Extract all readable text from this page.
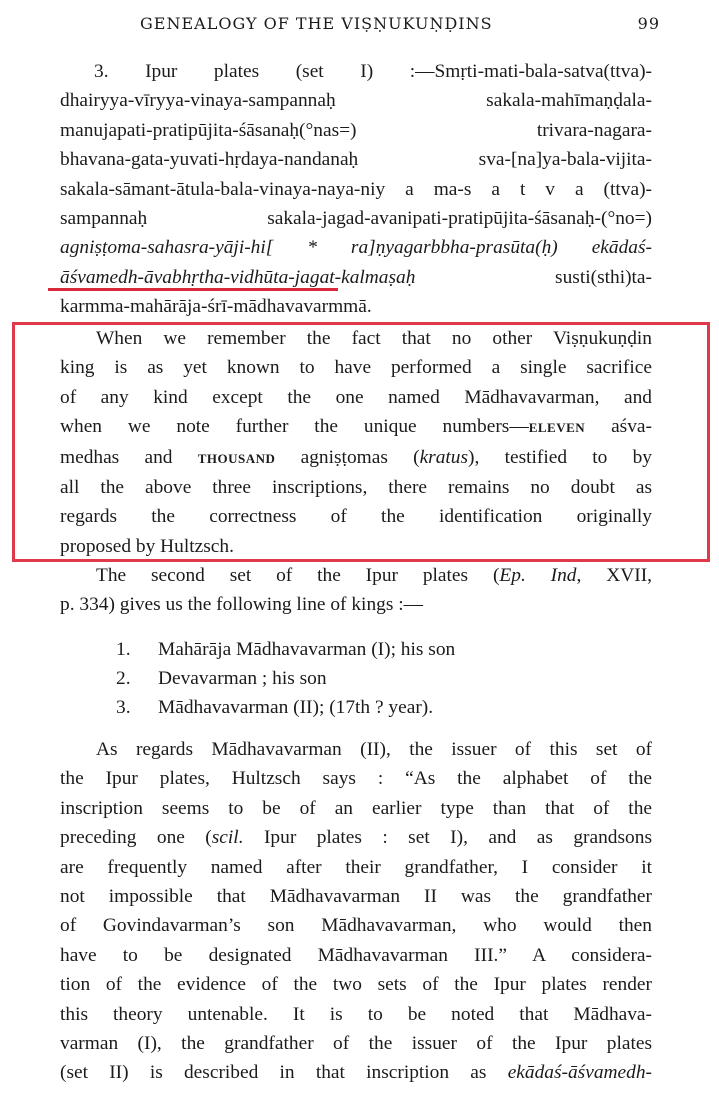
GENEALOGY OF THE VIṢṆUKUṆḌINS	99
3. Ipur plates (set I) :—Smṛti-mati-bala-satva(ttva)-
dhairyya-vīryya-vinaya-sampannaḥ sakala-mahīmaṇḍala-
manujapati-pratipūjita-śāsanaḥ(°nas=) trivara-nagara-
bhavana-gata-yuvati-hṛdaya-nandanaḥ sva-[na]ya-bala-vijita-
sakala-sāmant-ātula-bala-vinaya-naya-niy a ma-s a t v a (ttva)-
sampannaḥ sakala-jagad-avanipati-pratipūjita-śāsanaḥ-(°no=)
agniṣṭoma-sahasra-yāji-hi[ * ra]ṇyagarbbha-prasūta(ḥ) ekādaś-
āśvamedh-āvabhṛtha-vidhūta-jagat-kalmaṣaḥ	susti(sthi)ta-
karmma-mahārāja-śrī-mādhavavarmmā.
When we remember the fact that no other Viṣṇukuṇḍin
king is as yet known to have performed a single sacrifice
of any kind except the one named Mādhavavarman, and
when we note further the unique numbers—ELEVEN aśva-
medhas and THOUSAND agniṣṭomas (kratus), testified to by
all the above three inscriptions, there remains no doubt as
regards the correctness of the identification originally
proposed by Hultzsch.
The second set of the Ipur plates (Ep. Ind, XVII,
p. 334) gives us the following line of kings :—
1.	Mahārāja Mādhavavarman (I); his son
2.	Devavarman ; his son
3.	Mādhavavarman (II); (17th ? year).
As regards Mādhavavarman (II), the issuer of this set of
the Ipur plates, Hultzsch says : “As the alphabet of the
inscription seems to be of an earlier type than that of the
preceding one (scil. Ipur plates : set I), and as grandsons
are frequently named after their grandfather, I consider it
not impossible that Mādhavavarman II was the grandfather
of Govindavarman’s son Mādhavavarman, who would then
have to be designated Mādhavavarman III.” A considera-
tion of the evidence of the two sets of the Ipur plates render
this theory untenable. It is to be noted that Mādhava-
varman (I), the grandfather of the issuer of the Ipur plates
(set II) is described in that inscription as ekādaś-āśvamedh-
